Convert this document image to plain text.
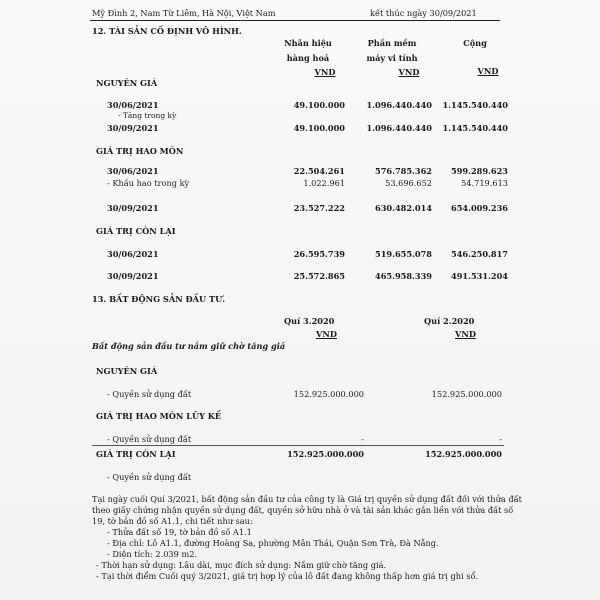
Mỹ Đình 2, Nam Từ Liêm, Hà Nội, Việt Nam	kết thúc ngày 30/09/2021
12. TÀI SẢN CỐ ĐỊNH VÔ HÌNH.
Nhãn hiệu
hàng hoá
VND
Phần mềm
máy vi tính
VND
Cộng
VND
NGUYÊN GIÁ
30/06/2021	49.100.000	1.096.440.440	1.145.540.440
- Tăng trong kỳ
30/09/2021	49.100.000	1.096.440.440	1.145.540.440
GIÁ TRỊ HAO MÒN
30/06/2021	22.504.261	576.785.362	599.289.623
- Khấu hao trong kỳ	1.022.961	53.696.652	54.719.613
30/09/2021	23.527.222	630.482.014	654.009.236
GIÁ TRỊ CÒN LẠI
30/06/2021	26.595.739	519.655.078	546.250.817
30/09/2021	25.572.865	465.958.339	491.531.204
13. BẤT ĐỘNG SẢN ĐẦU TƯ.
Quí 3.2020
VND
Quí 2.2020
VND
Bất động sản đầu tư nắm giữ chờ tăng giá
NGUYÊN GIÁ
- Quyền sử dụng đất	152.925.000.000	152.925.000.000
GIÁ TRỊ HAO MÒN LŨY KẾ
- Quyền sử dụng đất	-	-
GIÁ TRỊ CÒN LẠI	152.925.000.000	152.925.000.000
- Quyền sử dụng đất
Tại ngày cuối Quí 3/2021, bất động sản đầu tư của công ty là Giá trị quyền sử dụng đất đối với thửa đất
theo giấy chứng nhận quyền sử dụng đất, quyền sở hữu nhà ở và tài sản khác gắn liền với thửa đất số
19, tờ bản đồ số A1.1, chi tiết như sau:
- Thửa đất số 19, tờ bản đồ số A1.1
- Địa chỉ: Lô A1.1, đường Hoàng Sa, phường Mân Thái, Quận Sơn Trà, Đà Nẵng.
- Diện tích: 2.039 m2.
- Thời hạn sử dụng: Lâu dài, mục đích sử dụng: Nắm giữ chờ tăng giá.
- Tại thời điểm Cuối quý 3/2021, giá trị hợp lý của lô đất đang không thấp hơn giá trị ghi sổ.
